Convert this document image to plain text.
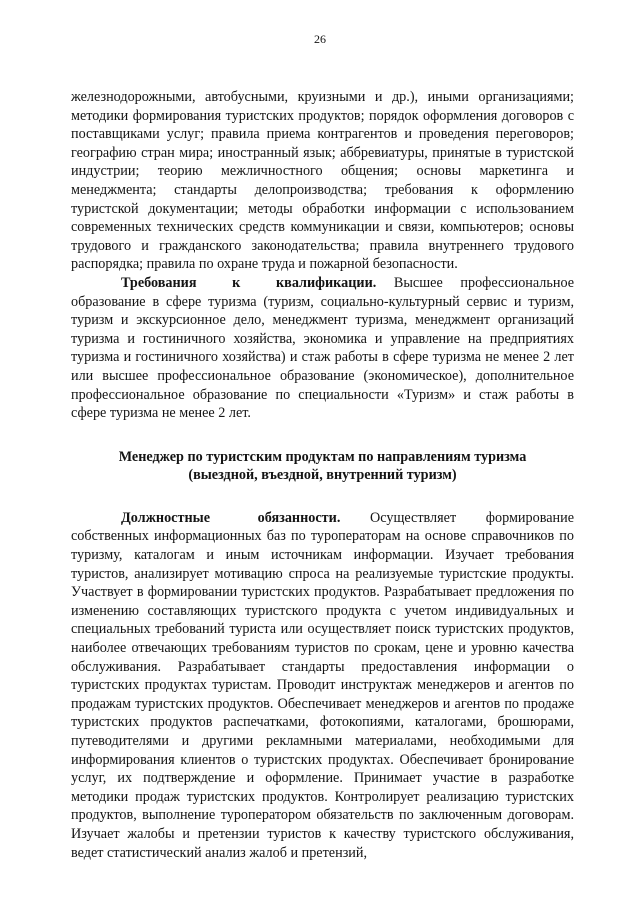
26

железнодорожными, автобусными, круизными и др.), иными организациями; методики формирования туристских продуктов; порядок оформления договоров с поставщиками услуг; правила приема контрагентов и проведения переговоров; географию стран мира; иностранный язык; аббревиатуры, принятые в туристской индустрии; теорию межличностного общения; основы маркетинга и менеджмента; стандарты делопроизводства; требования к оформлению туристской документации; методы обработки информации с использованием современных технических средств коммуникации и связи, компьютеров; основы трудового и гражданского законодательства; правила внутреннего трудового распорядка; правила по охране труда и пожарной безопасности.

Требования к квалификации. Высшее профессиональное образование в сфере туризма (туризм, социально-культурный сервис и туризм, туризм и экскурсионное дело, менеджмент туризма, менеджмент организаций туризма и гостиничного хозяйства, экономика и управление на предприятиях туризма и гостиничного хозяйства) и стаж работы в сфере туризма не менее 2 лет или высшее профессиональное образование (экономическое), дополнительное профессиональное образование по специальности «Туризм» и стаж работы в сфере туризма не менее 2 лет.

Менеджер по туристским продуктам по направлениям туризма
(выездной, въездной, внутренний туризм)

Должностные обязанности. Осуществляет формирование собственных информационных баз по туроператорам на основе справочников по туризму, каталогам и иным источникам информации. Изучает требования туристов, анализирует мотивацию спроса на реализуемые туристские продукты. Участвует в формировании туристских продуктов. Разрабатывает предложения по изменению составляющих туристского продукта с учетом индивидуальных и специальных требований туриста или осуществляет поиск туристских продуктов, наиболее отвечающих требованиям туристов по срокам, цене и уровню качества обслуживания. Разрабатывает стандарты предоставления информации о туристских продуктах туристам. Проводит инструктаж менеджеров и агентов по продажам туристских продуктов. Обеспечивает менеджеров и агентов по продаже туристских продуктов распечатками, фотокопиями, каталогами, брошюрами, путеводителями и другими рекламными материалами, необходимыми для информирования клиентов о туристских продуктах. Обеспечивает бронирование услуг, их подтверждение и оформление. Принимает участие в разработке методики продаж туристских продуктов. Контролирует реализацию туристских продуктов, выполнение туроператором обязательств по заключенным договорам. Изучает жалобы и претензии туристов к качеству туристского обслуживания, ведет статистический анализ жалоб и претензий,
